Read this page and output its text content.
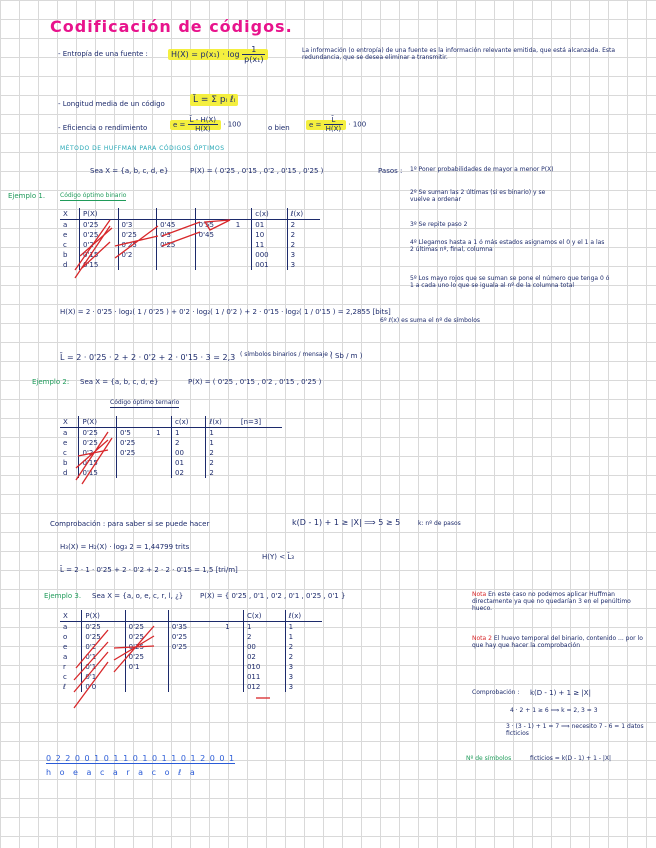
Codificación de códigos.
- Entropía de una fuente :	$H(X) = p(x_1) \cdot \log \frac{1}{\text{p(x₁)}}$	La información (o entropía) de una fuente es la información relevante emitida, que está alcanzada. Esta redundancia, que se desea eliminar a transmitir.
- Longitud media de un código	L̄ = Σ pᵢ ℓᵢ
- Eficiencia o rendimiento	$e = \frac{L̄ - H(X)}{H(X)} \cdot 100$	o bien	$e = \frac{L̄}{H(X)} \cdot 100$
MÉTODO DE HUFFMAN PARA CÓDIGOS ÓPTIMOS
Sea X = {a, b, c, d, e}	P(X) = ( 0'25 , 0'15 , 0'2 , 0'15 , 0'25 )
Ejemplo 1. Código óptimo binario
Pasos : 1º Poner probabilidades de mayor a menor P(X)
2º Se suman las 2 últimas (si es binario) y se vuelve a ordenar
3º Se repite paso 2
4º Llegamos hasta a 1 ó más estados asignamos el 0 y el 1 a las 2 últimas nº, final, columna
5º Los mayo rojos que se suman se pone el número que tenga 0 ó 1 a cada uno lo que se iguala al nº de la columna total
6º ℓ(x) es suma el nº de símbolos
X	P(X)					c(x)	ℓ(x)
a	0'25	0'3	0'45	0'55	1	01	2
e	0'25	0'25	0'3	0'45		10	2
c	0'2	0'25	0'25			11	2
b	0'15	0'2				000	3
d	0'15					001	3
H(X) = 2 · 0'25 · log₂( 1 / 0'25 ) + 0'2 · log₂( 1 / 0'2 ) + 2 · 0'15 · log₂( 1 / 0'15 ) = 2,2855 [bits]
L̄ = 2 · 0'25 · 2 + 2 · 0'2 + 2 · 0'15 · 3 = 2,3 ( símbolos binarios / mensaje )
( Sb / m )
Ejemplo 2: Sea X = {a, b, c, d, e}	P(X) = ( 0'25 , 0'15 , 0'2 , 0'15 , 0'25 )
Código óptimo ternario
X	P(X)			c(x)	ℓ(x)	[n=3]
a	0'25	0'5	1	1	1	
e	0'25	0'25		2	1	
c	0'2	0'25		00	2	
b	0'15			01	2	
d	0'15			02	2	
Comprobación : para saber si se puede hacer	k(D - 1) + 1 ≥ |X| ⟹ 5 ≥ 5	k: nº de pasos
H₃(X) = H₂(X) · log₃ 2 = 1,44799 trits
H(Y) < L̄₃
L̄ = 2 · 1 · 0'25 + 2 · 0'2 + 2 · 2 · 0'15 = 1,5 [tri/m]
Ejemplo 3. Sea X = {a, o, e, c, r, l, ¿} P(X) = { 0'25 , 0'1 , 0'2 , 0'1 , 0'25 , 0'1 }
X	P(X)					C(x)	ℓ(x)
a	0'25	0'25	0'35		1	1	1
o	0'25	0'25	0'25			2	1
e	0'2	0'25	0'25			00	2
a	0'1	0'25				02	2
r	0'1	0'1				010	3
c	0'1					011	3
ℓ	0'0					012	3
Nota En este caso no podemos aplicar Huffman directamente ya que no quedarían 3 en el penúltimo hueco.
Nota 2 El huevo temporal del binario, contenido ... por lo que hay que hacer la comprobación
Comprobación : k(D - 1) + 1 ≥ |X|
4 · 2 + 1 ≥ 6 ⟹ k = 2, 3 = 3
3 · (3 - 1) + 1 = 7 ⟹ necesito 7 - 6 = 1 datos ficticios
Nº de símbolos	ficticios = k(D - 1) + 1 - |X|
0 2 2 0 0 1 0 1 1 0 1 0 1 1 0 1 2 0 0 1
h o e a c a r a c o ℓ a
